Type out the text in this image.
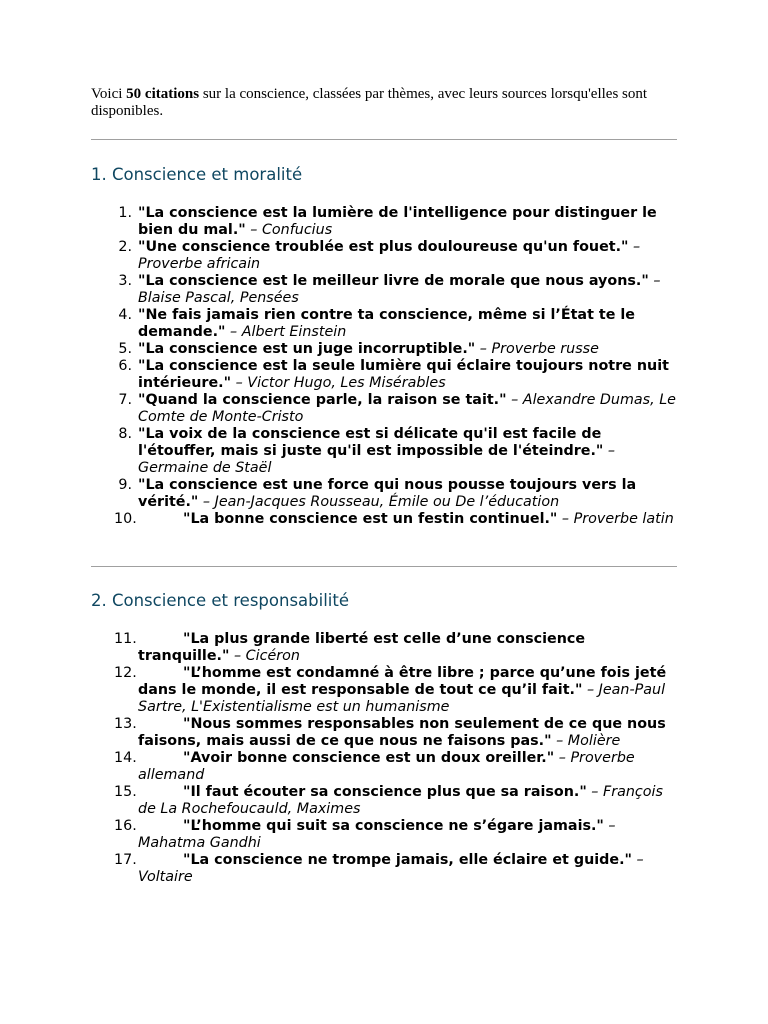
Voici 50 citations sur la conscience, classées par thèmes, avec leurs sources lorsqu'elles sont disponibles.

1. Conscience et moralité
1. "La conscience est la lumière de l'intelligence pour distinguer le bien du mal." – Confucius
2. "Une conscience troublée est plus douloureuse qu'un fouet." – Proverbe africain
3. "La conscience est le meilleur livre de morale que nous ayons." – Blaise Pascal, Pensées
4. "Ne fais jamais rien contre ta conscience, même si l’État te le demande." – Albert Einstein
5. "La conscience est un juge incorruptible." – Proverbe russe
6. "La conscience est la seule lumière qui éclaire toujours notre nuit intérieure." – Victor Hugo, Les Misérables
7. "Quand la conscience parle, la raison se tait." – Alexandre Dumas, Le Comte de Monte-Cristo
8. "La voix de la conscience est si délicate qu'il est facile de l'étouffer, mais si juste qu'il est impossible de l'éteindre." – Germaine de Staël
9. "La conscience est une force qui nous pousse toujours vers la vérité." – Jean-Jacques Rousseau, Émile ou De l’éducation
10.	"La bonne conscience est un festin continuel." – Proverbe latin
2. Conscience et responsabilité
11.	"La plus grande liberté est celle d’une conscience tranquille." – Cicéron
12.	"L’homme est condamné à être libre ; parce qu’une fois jeté dans le monde, il est responsable de tout ce qu’il fait." – Jean-Paul Sartre, L'Existentialisme est un humanisme
13.	"Nous sommes responsables non seulement de ce que nous faisons, mais aussi de ce que nous ne faisons pas." – Molière
14.	"Avoir bonne conscience est un doux oreiller." – Proverbe allemand
15.	"Il faut écouter sa conscience plus que sa raison." – François de La Rochefoucauld, Maximes
16.	"L’homme qui suit sa conscience ne s’égare jamais." – Mahatma Gandhi
17.	"La conscience ne trompe jamais, elle éclaire et guide." – Voltaire
